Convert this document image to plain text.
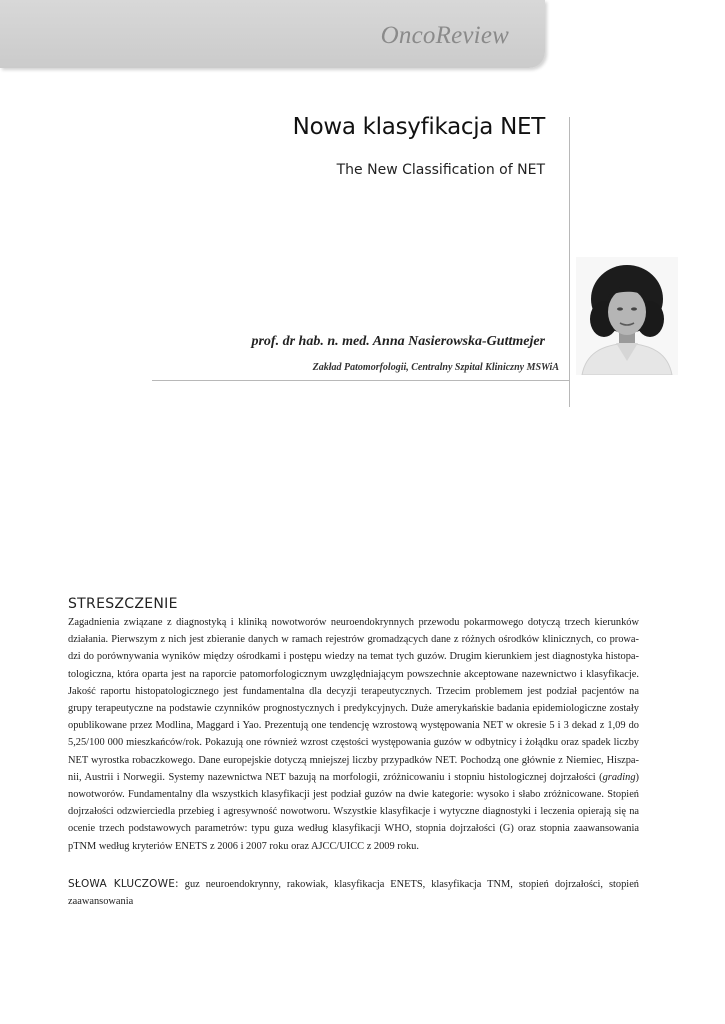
OncoReview
Nowa klasyfikacja NET
The New Classification of NET
prof. dr hab. n. med. Anna Nasierowska-Guttmejer
Zakład Patomorfologii, Centralny Szpital Kliniczny MSWiA
STRESZCZENIE

Zagadnienia związane z diagnostyką i kliniką nowotworów neuroendokrynnych przewodu pokarmowego dotyczą trzech kierunków

działania. Pierwszym z nich jest zbieranie danych w ramach rejestrów gromadzących dane z różnych ośrodków klinicznych, co prowa-

dzi do porównywania wyników między ośrodkami i postępu wiedzy na temat tych guzów. Drugim kierunkiem jest diagnostyka histopa-

tologiczna, która oparta jest na raporcie patomorfologicznym uwzględniającym powszechnie akceptowane nazewnictwo i klasyfikacje.

Jakość raportu histopatologicznego jest fundamentalna dla decyzji terapeutycznych. Trzecim problemem jest podział pacjentów na

grupy terapeutyczne na podstawie czynników prognostycznych i predykcyjnych. Duże amerykańskie badania epidemiologiczne zostały

opublikowane przez Modlina, Maggard i Yao. Prezentują one tendencję wzrostową występowania NET w okresie 5 i 3 dekad z 1,09 do

5,25/100 000 mieszkańców/rok. Pokazują one również wzrost częstości występowania guzów w odbytnicy i żołądku oraz spadek liczby

NET wyrostka robaczkowego. Dane europejskie dotyczą mniejszej liczby przypadków NET. Pochodzą one głównie z Niemiec, Hiszpa-

nii, Austrii i Norwegii. Systemy nazewnictwa NET bazują na morfologii, zróżnicowaniu i stopniu histologicznej dojrzałości (grading)

nowotworów. Fundamentalny dla wszystkich klasyfikacji jest podział guzów na dwie kategorie: wysoko i słabo zróżnicowane. Stopień

dojrzałości odzwierciedla przebieg i agresywność nowotworu. Wszystkie klasyfikacje i wytyczne diagnostyki i leczenia opierają się na

ocenie trzech podstawowych parametrów: typu guza według klasyfikacji WHO, stopnia dojrzałości (G) oraz stopnia zaawansowania

pTNM według kryteriów ENETS z 2006 i 2007 roku oraz AJCC/UICC z 2009 roku.

SŁOWA KLUCZOWE: guz neuroendokrynny, rakowiak, klasyfikacja ENETS, klasyfikacja TNM, stopień dojrzałości, stopień

zaawansowania
